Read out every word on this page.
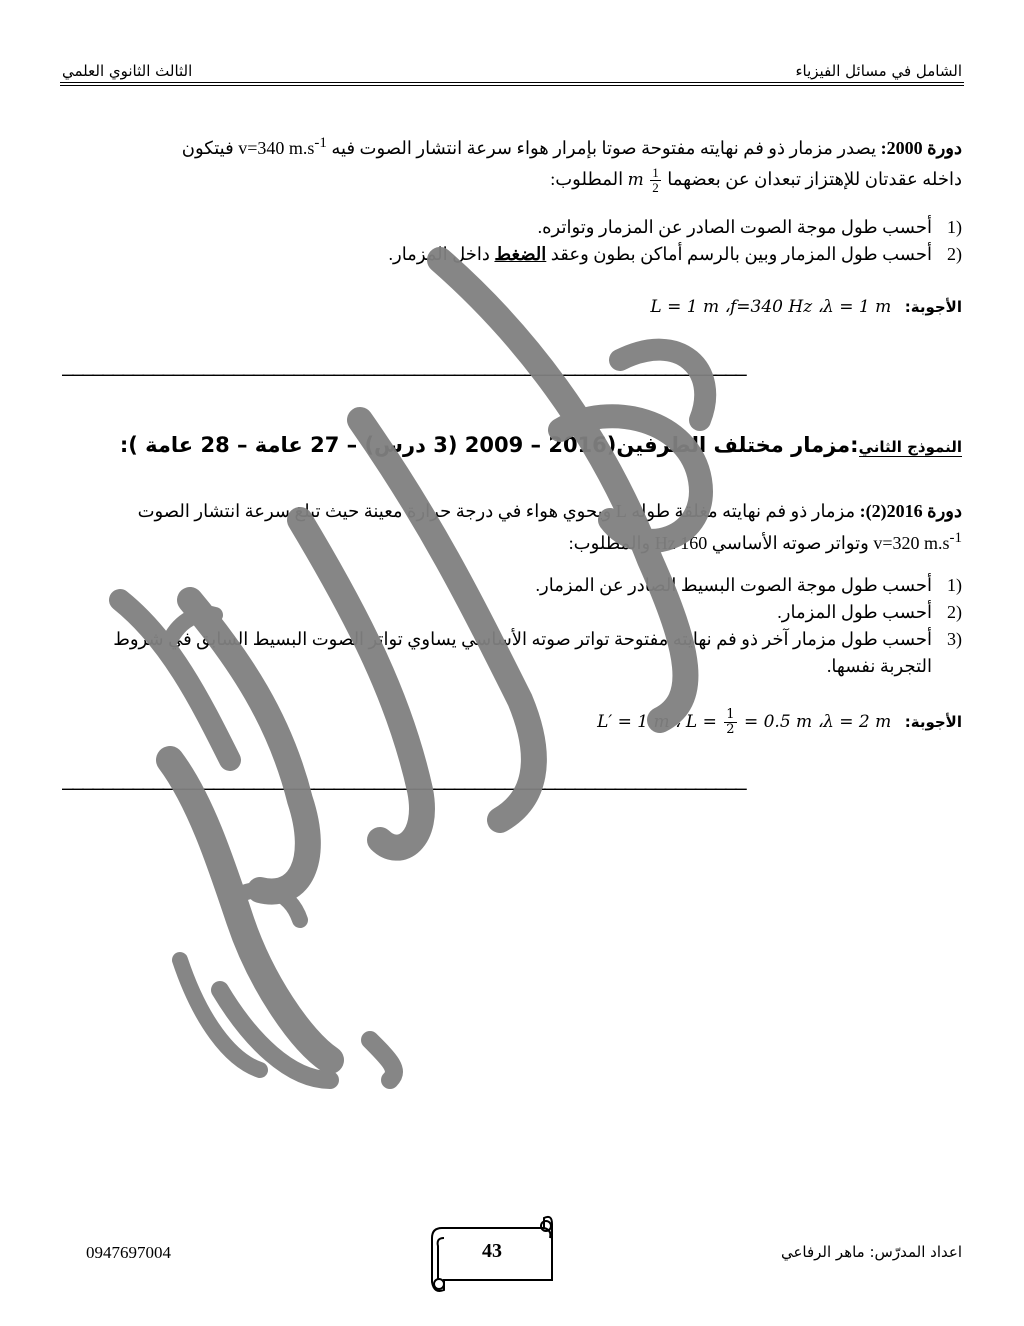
الشامل في مسائل الفيزياء
الثالث الثانوي العلمي
دورة 2000: يصدر مزمار ذو فم نهايته مفتوحة صوتا بإمرار هواء سرعة انتشار الصوت فيه v=340 $m.s^{-1}$ فيتكون
داخله عقدتان للإهتزاز تبعدان عن بعضهما
$\frac{1}{2}$
m المطلوب:
(1
أحسب طول موجة الصوت الصادر عن المزمار وتواتره.
(2
أحسب طول المزمار وبين بالرسم أماكن بطون وعقد الضغط داخل المزمار.
الأجوبة:   L = 1 m ،f=340 Hz ،λ = 1 m
––––––––––––––––––––––––––––––––––––––––––––––––––––––––––––––––––––
النموذج الثاني:مزمار مختلف الطرفين(2016 – 2009 (3 درس) – 27 عامة – 28 عامة ):
دورة 2016(2): مزمار ذو فم نهايته مغلقة طوله L ويحوي هواء في درجة حرارة معينة حيث تبلغ سرعة انتشار الصوت
v=320 $m.s^{-1}$ وتواتر صوته الأساسي 160 Hz والمطلوب:
(1
أحسب طول موجة الصوت البسيط الصادر عن المزمار.
(2
أحسب طول المزمار.
(3
أحسب طول مزمار آخر ذو فم نهايته مفتوحة تواتر صوته الأساسي يساوي تواتر الصوت البسيط السابق في شروط التجربة نفسها.
الأجوبة:   L′ = 1 m ، $L = \frac{1}{2} = 0.5$ m ،λ = 2 m
––––––––––––––––––––––––––––––––––––––––––––––––––––––––––––––––––––
اعداد المدرّس: ماهر الرفاعي
0947697004	43
